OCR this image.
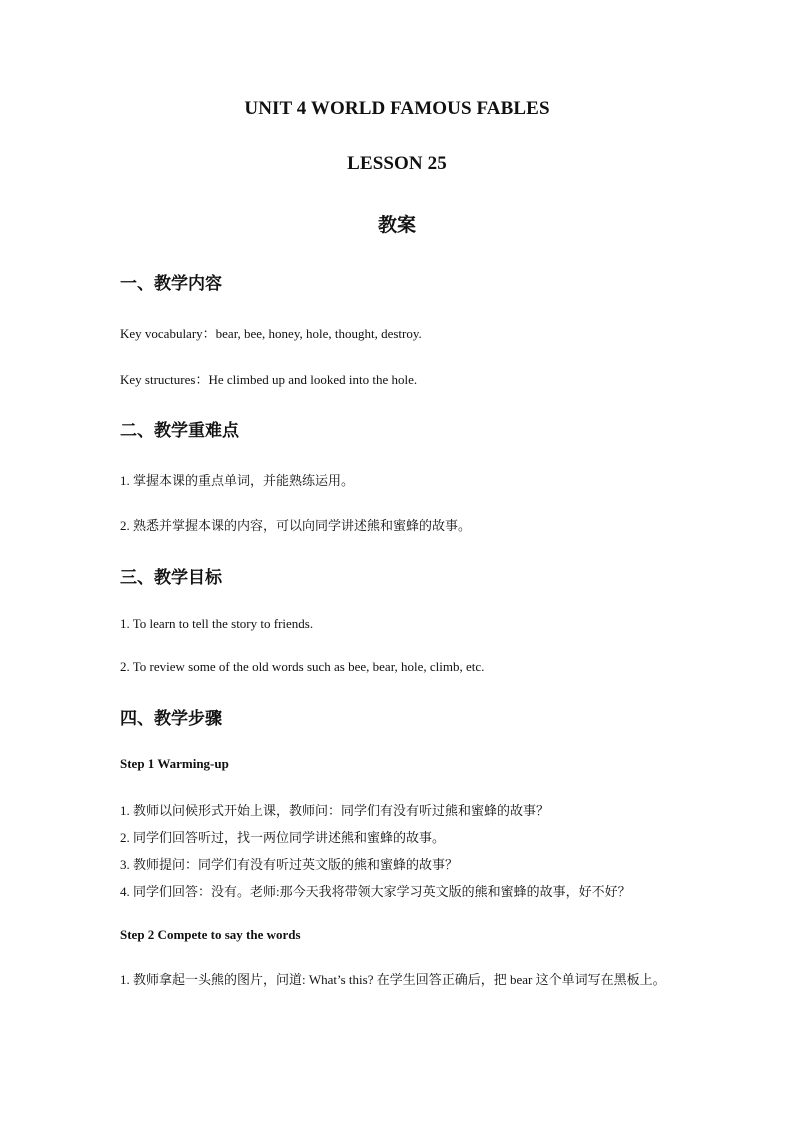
UNIT 4 WORLD FAMOUS FABLES
LESSON 25
教案
一、教学内容
Key vocabulary：bear, bee, honey, hole, thought, destroy.
Key structures：He climbed up and looked into the hole.
二、教学重难点
1. 掌握本课的重点单词，并能熟练运用。
2. 熟悉并掌握本课的内容，可以向同学讲述熊和蜜蜂的故事。
三、教学目标
1. To learn to tell the story to friends.
2. To review some of the old words such as bee, bear, hole, climb, etc.
四、教学步骤
Step 1 Warming-up
1. 教师以问候形式开始上课，教师问：同学们有没有听过熊和蜜蜂的故事？
2. 同学们回答听过，找一两位同学讲述熊和蜜蜂的故事。
3. 教师提问：同学们有没有听过英文版的熊和蜜蜂的故事？
4. 同学们回答：没有。老师:那今天我将带领大家学习英文版的熊和蜜蜂的故事，好不好？
Step 2 Compete to say the words
1. 教师拿起一头熊的图片，问道: What’s this? 在学生回答正确后，把 bear 这个单词写在黑板上。
